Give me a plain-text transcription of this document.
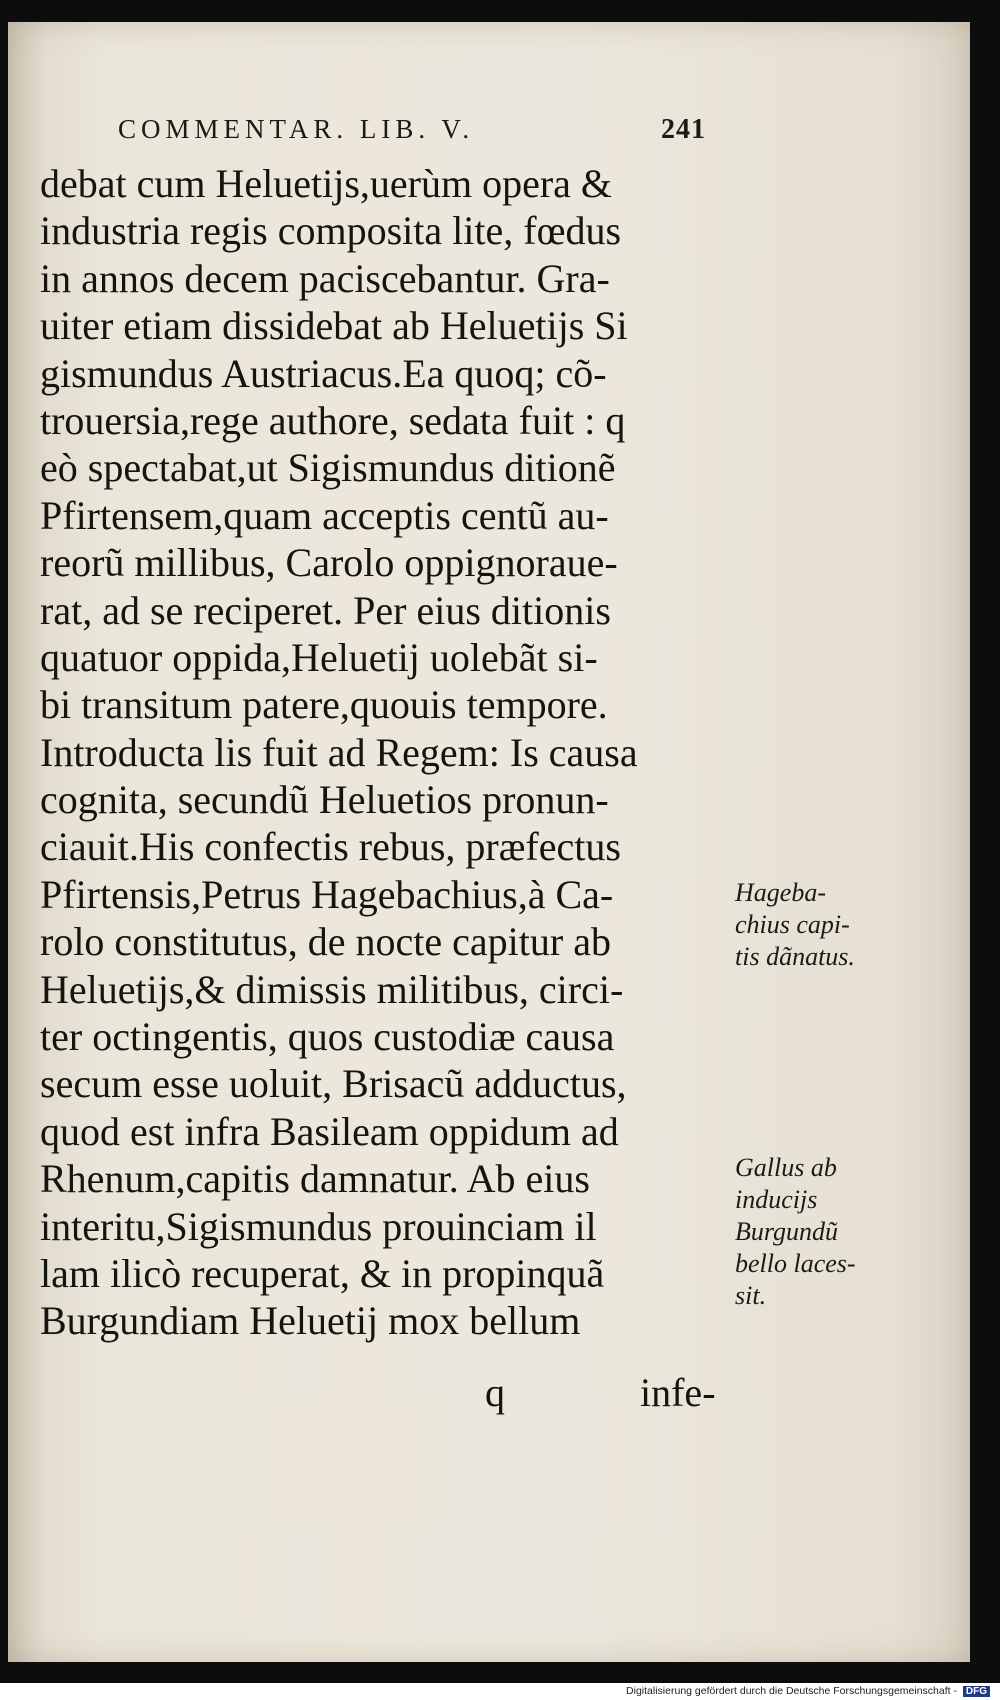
COMMENTAR. LIB. V.	241
debat cum Heluetijs,uerùm opera &
industria regis composita lite, fœdus
in annos decem paciscebantur. Gra-
uiter etiam dissidebat ab Heluetijs Si
gismundus Austriacus.Ea quoq; cõ-
trouersia,rege authore, sedata fuit : q
eò spectabat,ut Sigismundus ditionẽ
Pfirtensem,quam acceptis centũ au-
reorũ millibus, Carolo oppignoraue-
rat, ad se reciperet. Per eius ditionis
quatuor oppida,Heluetij uolebãt si-
bi transitum patere,quouis tempore.
Introducta lis fuit ad Regem: Is causa
cognita, secundũ Heluetios pronun-
ciauit.His confectis rebus, præfectus
Pfirtensis,Petrus Hagebachius,à Ca-
rolo constitutus, de nocte capitur ab
Heluetijs,& dimissis militibus, circi-
ter octingentis, quos custodiæ causa
secum esse uoluit, Brisacũ adductus,
quod est infra Basileam oppidum ad
Rhenum,capitis damnatur. Ab eius
interitu,Sigismundus prouinciam il
lam ilicò recuperat, & in propinquã
Burgundiam Heluetij mox bellum
q	infe-
Hageba-
chius capi-
tis dãnatus.
Gallus ab
inducijs
Burgundũ
bello laces-
sit.
Digitalisierung gefördert durch die Deutsche Forschungsgemeinschaft - DFG
